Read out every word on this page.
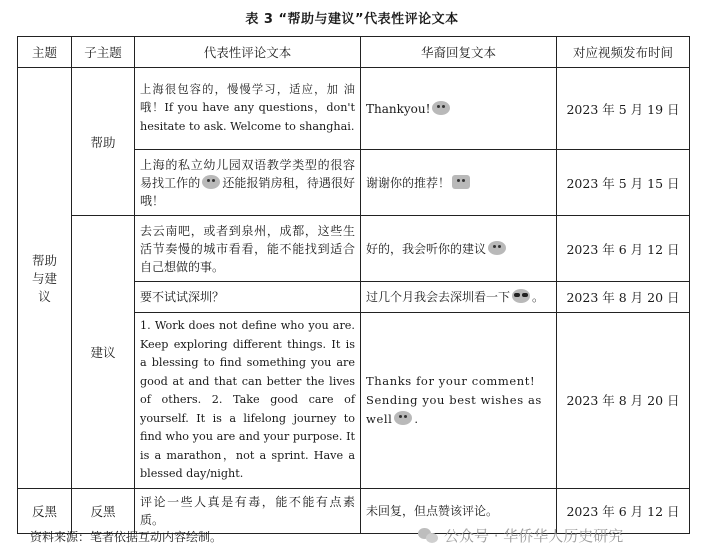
表 3 “帮助与建议”代表性评论文本
主题	子主题	代表性评论文本	华裔回复文本	对应视频发布时间
帮助与建议	帮助	上海很包容的，慢慢学习，适应，加 油 哦！If you have any questions，don't hesitate to ask. Welcome to shanghai.	Thankyou!	2023 年 5 月 19 日
		上海的私立幼儿园双语教学类型的很容易找工作的 还能报销房租，待遇很好哦！	谢谢你的推荐！	2023 年 5 月 15 日
	建议	去云南吧，或者到泉州，成都，这些生活节奏慢的城市看看，能不能找到适合自己想做的事。	好的，我会听你的建议	2023 年 6 月 12 日
		要不试试深圳？	过几个月我会去深圳看一下 。	2023 年 8 月 20 日
		1. Work does not define who you are. Keep exploring different things. It is a blessing to find something you are good at and that can better the lives of others. 2. Take good care of yourself. It is a lifelong journey to find who you are and your purpose. It is a marathon，not a sprint. Have a blessed day/night.	Thanks for your comment! Sending you best wishes as well .	2023 年 8 月 20 日
反黑	反黑	评论一些人真是有毒，能不能有点素质。	未回复，但点赞该评论。	2023 年 6 月 12 日
资料来源：笔者依据互动内容绘制。	公众号 · 华侨华人历史研究
